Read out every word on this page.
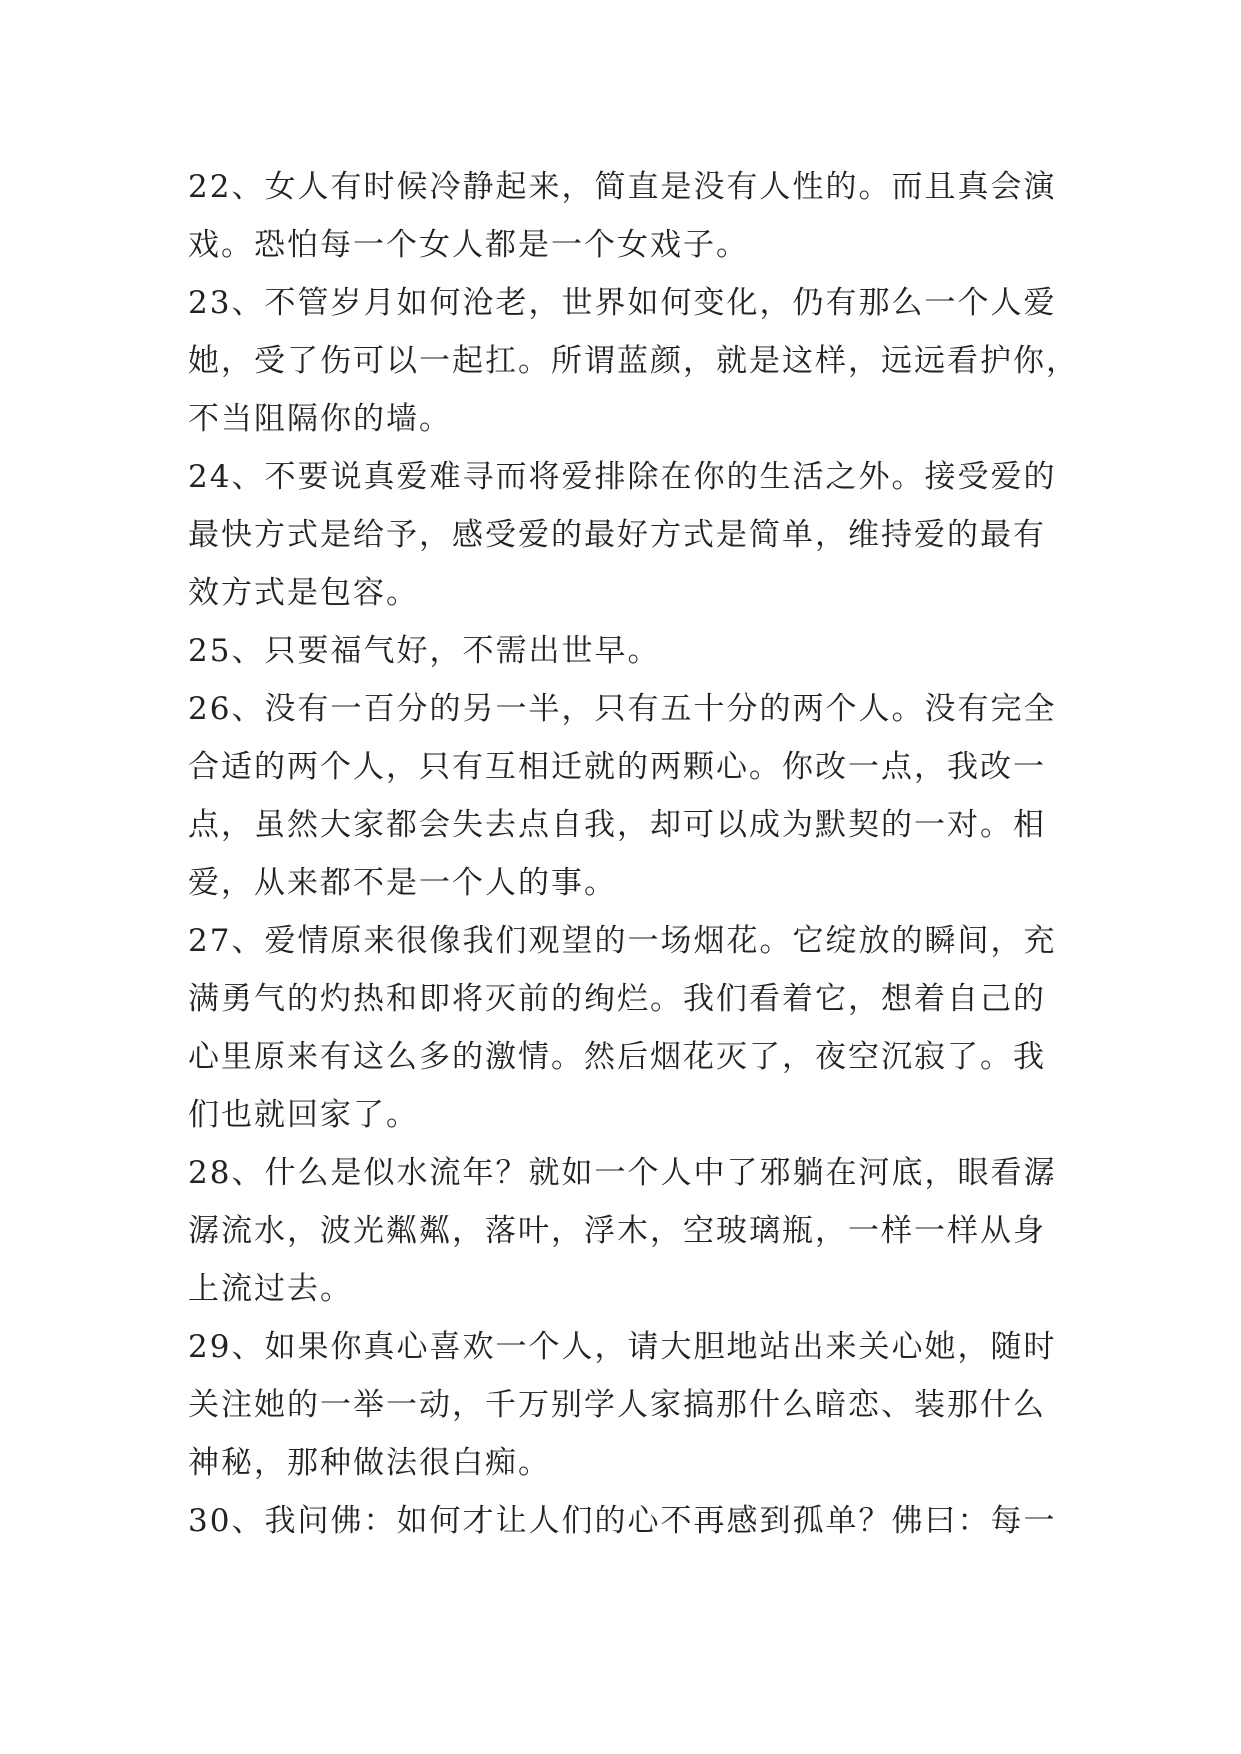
22、女人有时候冷静起来，简直是没有人性的。而且真会演
戏。恐怕每一个女人都是一个女戏子。
23、不管岁月如何沧老，世界如何变化，仍有那么一个人爱
她，受了伤可以一起扛。所谓蓝颜，就是这样，远远看护你，
不当阻隔你的墙。
24、不要说真爱难寻而将爱排除在你的生活之外。接受爱的
最快方式是给予，感受爱的最好方式是简单，维持爱的最有
效方式是包容。
25、只要福气好，不需出世早。
26、没有一百分的另一半，只有五十分的两个人。没有完全
合适的两个人，只有互相迁就的两颗心。你改一点，我改一
点，虽然大家都会失去点自我，却可以成为默契的一对。相
爱，从来都不是一个人的事。
27、爱情原来很像我们观望的一场烟花。它绽放的瞬间，充
满勇气的灼热和即将灭前的绚烂。我们看着它，想着自己的
心里原来有这么多的激情。然后烟花灭了，夜空沉寂了。我
们也就回家了。
28、什么是似水流年？就如一个人中了邪躺在河底，眼看潺
潺流水，波光粼粼，落叶，浮木，空玻璃瓶，一样一样从身
上流过去。
29、如果你真心喜欢一个人，请大胆地站出来关心她，随时
关注她的一举一动，千万别学人家搞那什么暗恋、装那什么
神秘，那种做法很白痴。
30、我问佛：如何才让人们的心不再感到孤单？佛曰：每一
